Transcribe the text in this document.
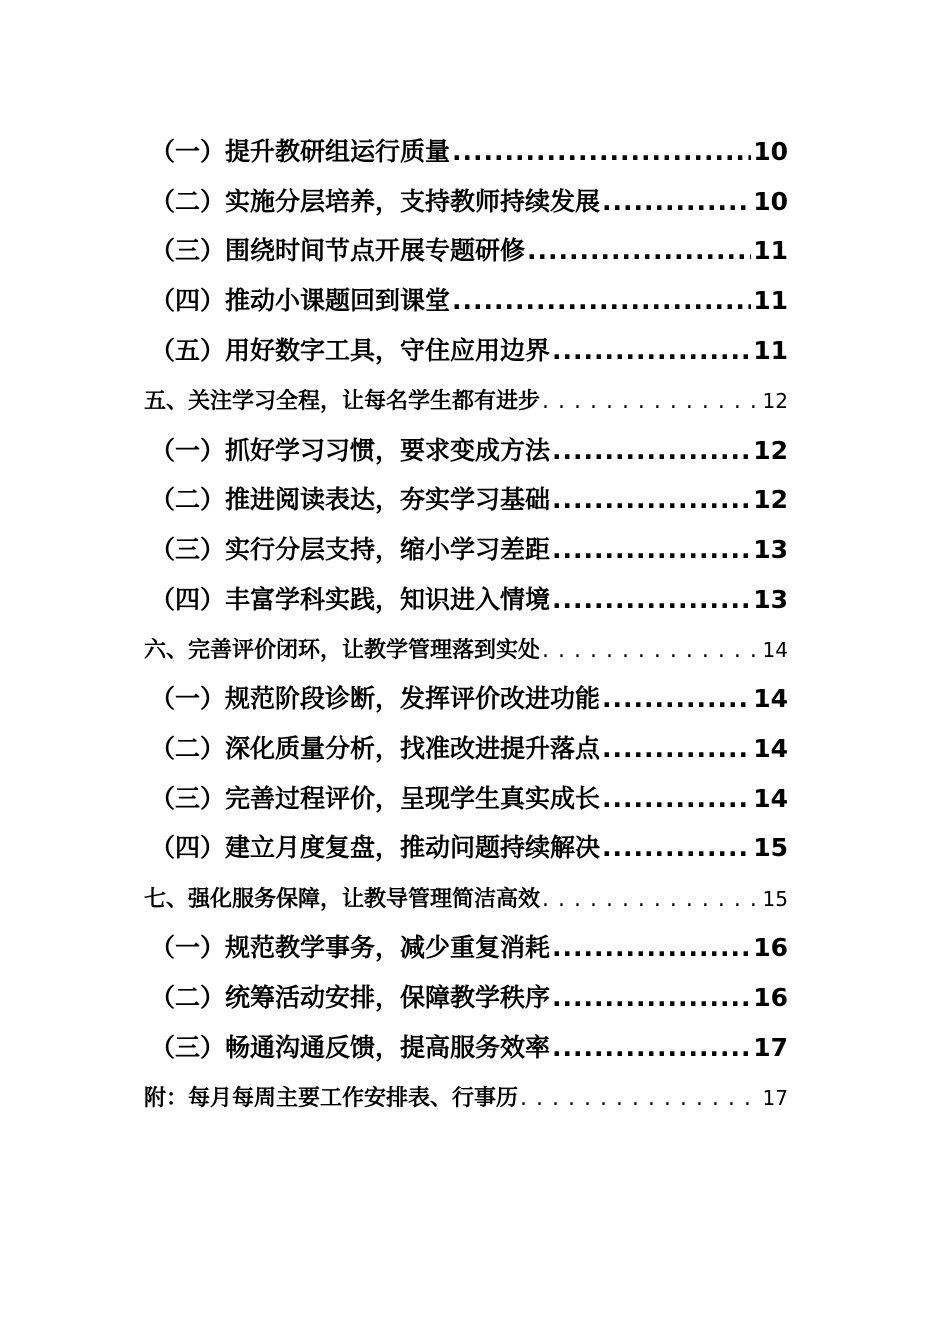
（一）提升教研组运行质量 .....	10
（二）实施分层培养，支持教师持续发展 .....	10
（三）围绕时间节点开展专题研修 .....	11
（四）推动小课题回到课堂 .....	11
（五）用好数字工具，守住应用边界 .....	11
五、关注学习全程，让每名学生都有进步 . . .	12
（一）抓好学习习惯，要求变成方法 .....	12
（二）推进阅读表达，夯实学习基础 .....	12
（三）实行分层支持，缩小学习差距 .....	13
（四）丰富学科实践，知识进入情境 .....	13
六、完善评价闭环，让教学管理落到实处 . . .	14
（一）规范阶段诊断，发挥评价改进功能 .....	14
（二）深化质量分析，找准改进提升落点 .....	14
（三）完善过程评价，呈现学生真实成长 .....	14
（四）建立月度复盘，推动问题持续解决 .....	15
七、强化服务保障，让教导管理简洁高效 . . .	15
（一）规范教学事务，减少重复消耗 .....	16
（二）统筹活动安排，保障教学秩序 .....	16
（三）畅通沟通反馈，提高服务效率 .....	17
附：每月每周主要工作安排表、行事历 . . .	17
